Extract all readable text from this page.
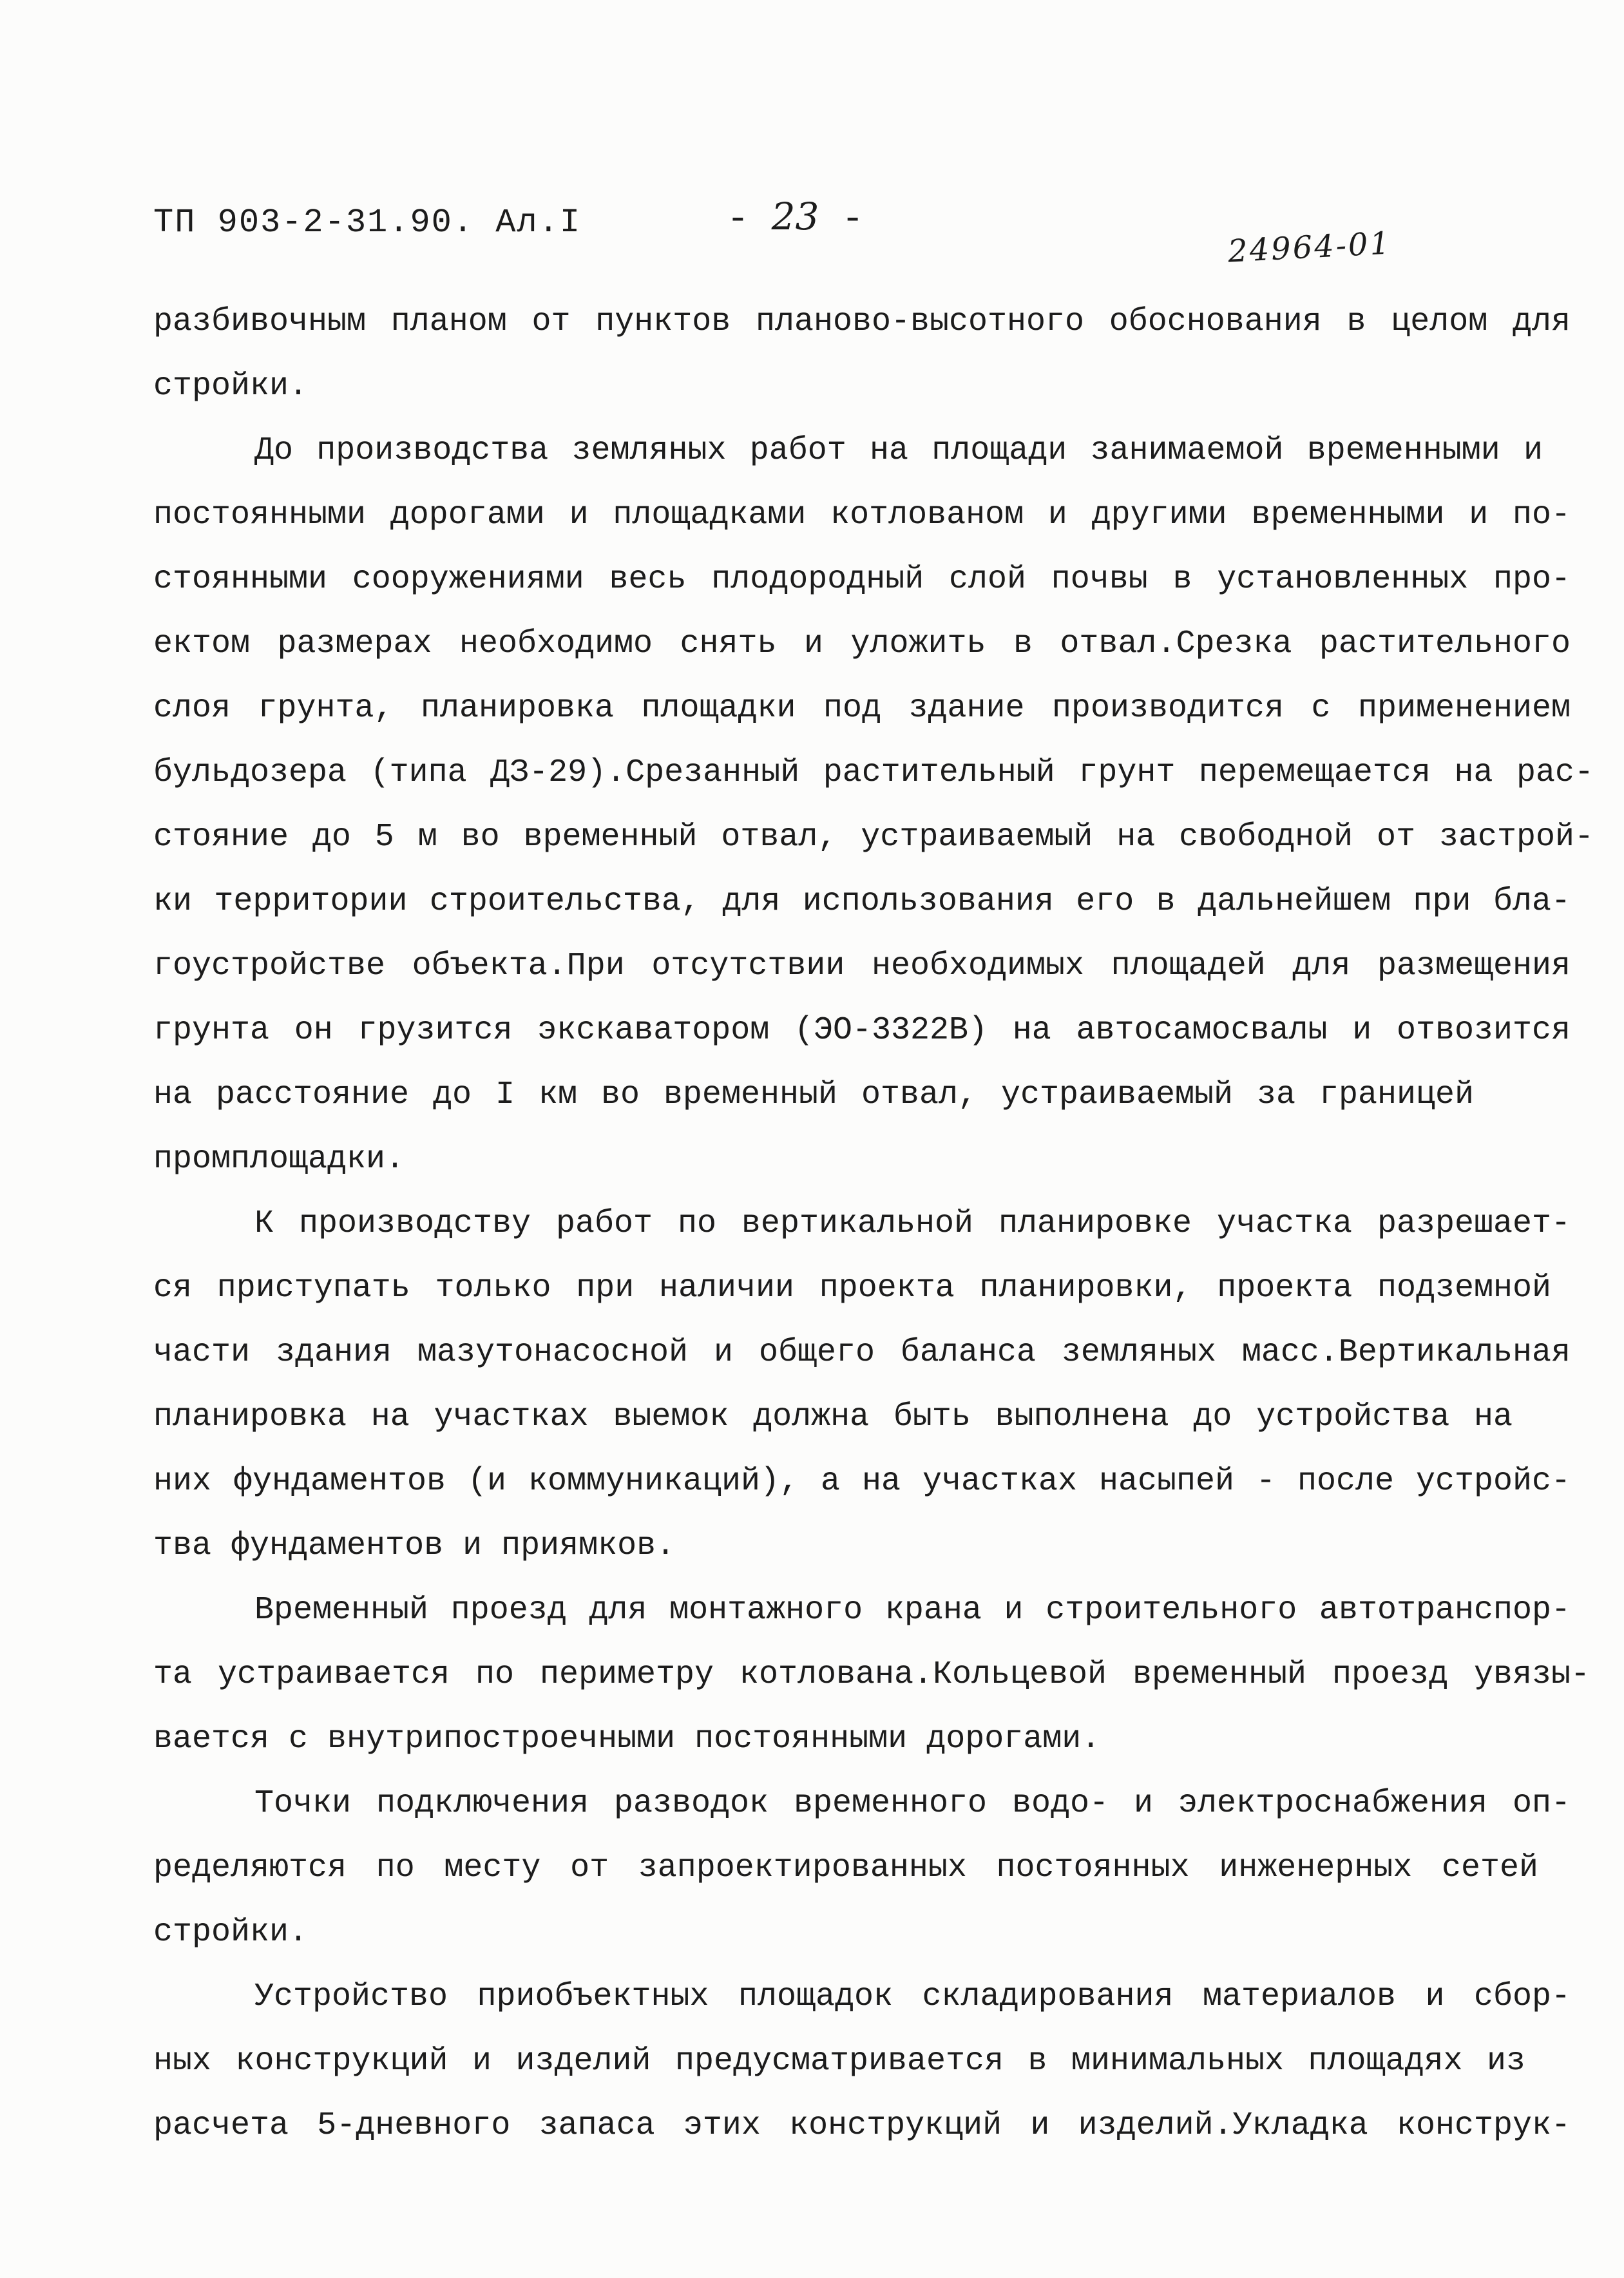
ТП 903-2-31.90. Ал.I	- 23 -
24964-01
разбивочным планом от пунктов планово-высотного обоснования в целом для
стройки.
До производства земляных работ на площади занимаемой временными и
постоянными дорогами и площадками котлованом и другими временными и по-
стоянными сооружениями весь плодородный слой почвы в установленных про-
ектом размерах необходимо снять и уложить в отвал.Срезка растительного
слоя грунта, планировка площадки под здание производится с применением
бульдозера (типа ДЗ-29).Срезанный растительный грунт перемещается на рас-
стояние до 5 м во временный отвал, устраиваемый на свободной от застрой-
ки территории строительства, для использования его в дальнейшем при бла-
гоустройстве объекта.При отсутствии необходимых площадей для размещения
грунта он грузится экскаватором (ЭО-3322В) на автосамосвалы и отвозится
на расстояние до I км во временный отвал, устраиваемый за границей
промплощадки.
К производству работ по вертикальной планировке участка разрешает-
ся приступать только при наличии проекта планировки, проекта подземной
части здания мазутонасосной и общего баланса земляных масс.Вертикальная
планировка на участках выемок должна быть выполнена до устройства на
них фундаментов (и коммуникаций), а на участках насыпей - после устройс-
тва фундаментов и приямков.
Временный проезд для монтажного крана и строительного автотранспор-
та устраивается по периметру котлована.Кольцевой временный проезд увязы-
вается с внутрипостроечными постоянными дорогами.
Точки подключения разводок временного водо- и электроснабжения оп-
ределяются по месту от запроектированных постоянных инженерных сетей
стройки.
Устройство приобъектных площадок складирования материалов и сбор-
ных конструкций и изделий предусматривается в минимальных площадях из
расчета 5-дневного запаса этих конструкций и изделий.Укладка конструк-
